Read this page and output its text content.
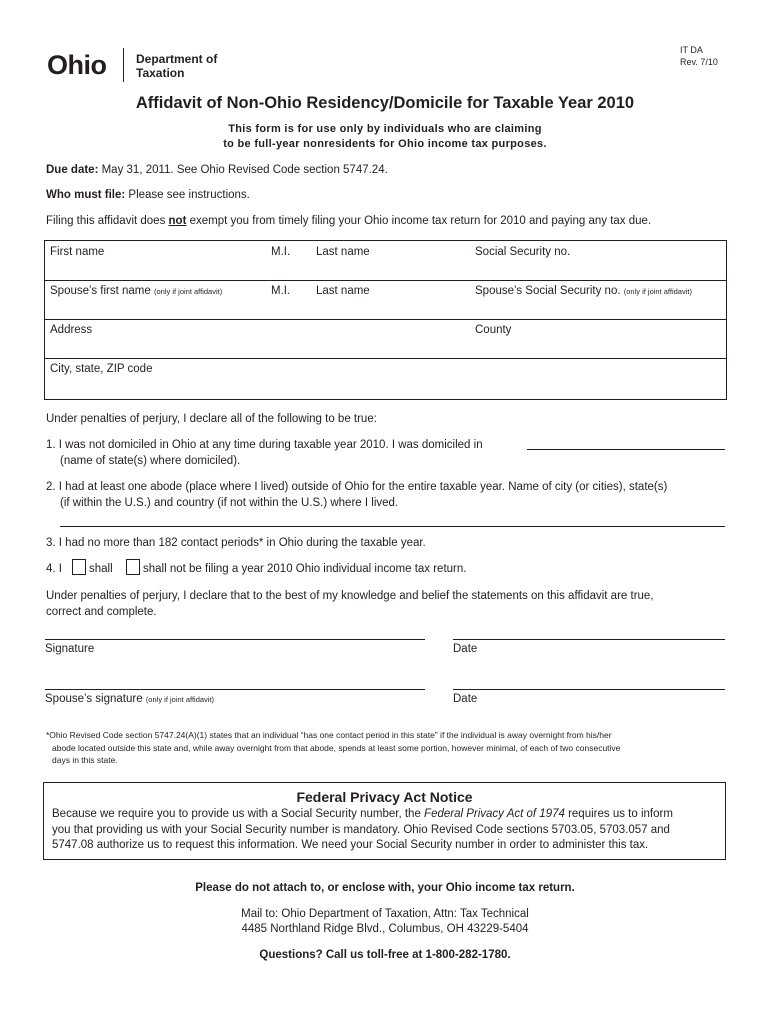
Ohio Department of
Taxation
IT DA
Rev. 7/10
Affidavit of Non-Ohio Residency/Domicile for Taxable Year 2010
This form is for use only by individuals who are claiming
to be full-year nonresidents for Ohio income tax purposes.
Due date: May 31, 2011. See Ohio Revised Code section 5747.24.
Who must file: Please see instructions.
Filing this affidavit does not exempt you from timely filing your Ohio income tax return for 2010 and paying any tax due.
First name	M.I. Last name	Social Security no.
Spouse’s first name (only if joint affidavit)	M.I. Last name	Spouse’s Social Security no. (only if joint affidavit)
Address	County
City, state, ZIP code
Under penalties of perjury, I declare all of the following to be true:
1. I was not domiciled in Ohio at any time during taxable year 2010. I was domiciled in
(name of state(s) where domiciled).
2. I had at least one abode (place where I lived) outside of Ohio for the entire taxable year. Name of city (or cities), state(s)
(if within the U.S.) and country (if not within the U.S.) where I lived.
3. I had no more than 182 contact periods* in Ohio during the taxable year.
4. I shall	shall not be filing a year 2010 Ohio individual income tax return.
Under penalties of perjury, I declare that to the best of my knowledge and belief the statements on this affidavit are true,
correct and complete.
Signature	Date
Spouse’s signature (only if joint affidavit)	Date
*Ohio Revised Code section 5747.24(A)(1) states that an individual “has one contact period in this state” if the individual is away overnight from his/her
abode located outside this state and, while away overnight from that abode, spends at least some portion, however minimal, of each of two consecutive
days in this state.
Federal Privacy Act Notice
Because we require you to provide us with a Social Security number, the Federal Privacy Act of 1974 requires us to inform
you that providing us with your Social Security number is mandatory. Ohio Revised Code sections 5703.05, 5703.057 and
5747.08 authorize us to request this information. We need your Social Security number in order to administer this tax.
Please do not attach to, or enclose with, your Ohio income tax return.
Mail to: Ohio Department of Taxation, Attn: Tax Technical
4485 Northland Ridge Blvd., Columbus, OH 43229-5404
Questions? Call us toll-free at 1-800-282-1780.
